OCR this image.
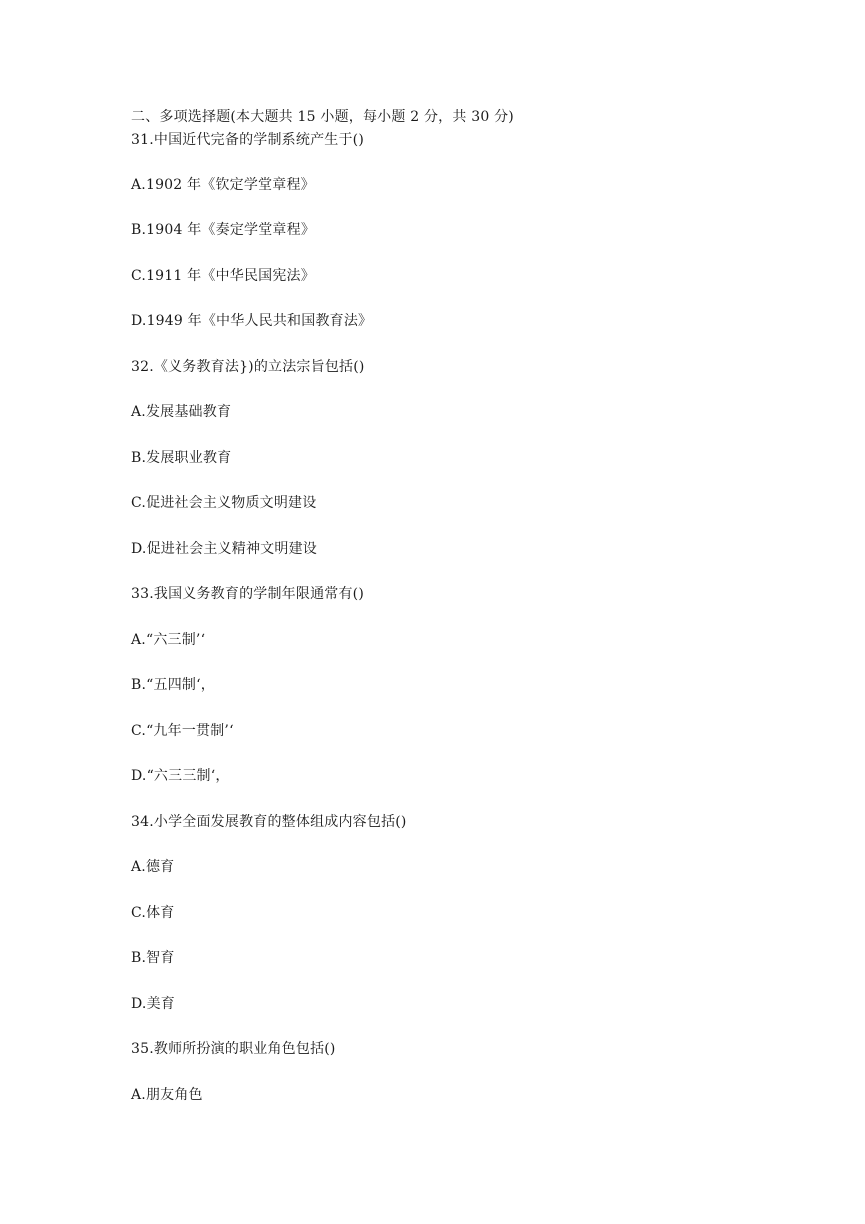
二、多项选择题(本大题共 15 小题，每小题 2 分，共 30 分)
31.中国近代完备的学制系统产生于()
A.1902 年《钦定学堂章程》
B.1904 年《奏定学堂章程》
C.1911 年《中华民国宪法》
D.1949 年《中华人民共和国教育法》
32.《义务教育法})的立法宗旨包括()
A.发展基础教育
B.发展职业教育
C.促进社会主义物质文明建设
D.促进社会主义精神文明建设
33.我国义务教育的学制年限通常有()
A.“六三制’‘
B.“五四制‘，
C.“九年一贯制’‘
D.“六三三制‘，
34.小学全面发展教育的整体组成内容包括()
A.德育
C.体育
B.智育
D.美育
35.教师所扮演的职业角色包括()
A.朋友角色
